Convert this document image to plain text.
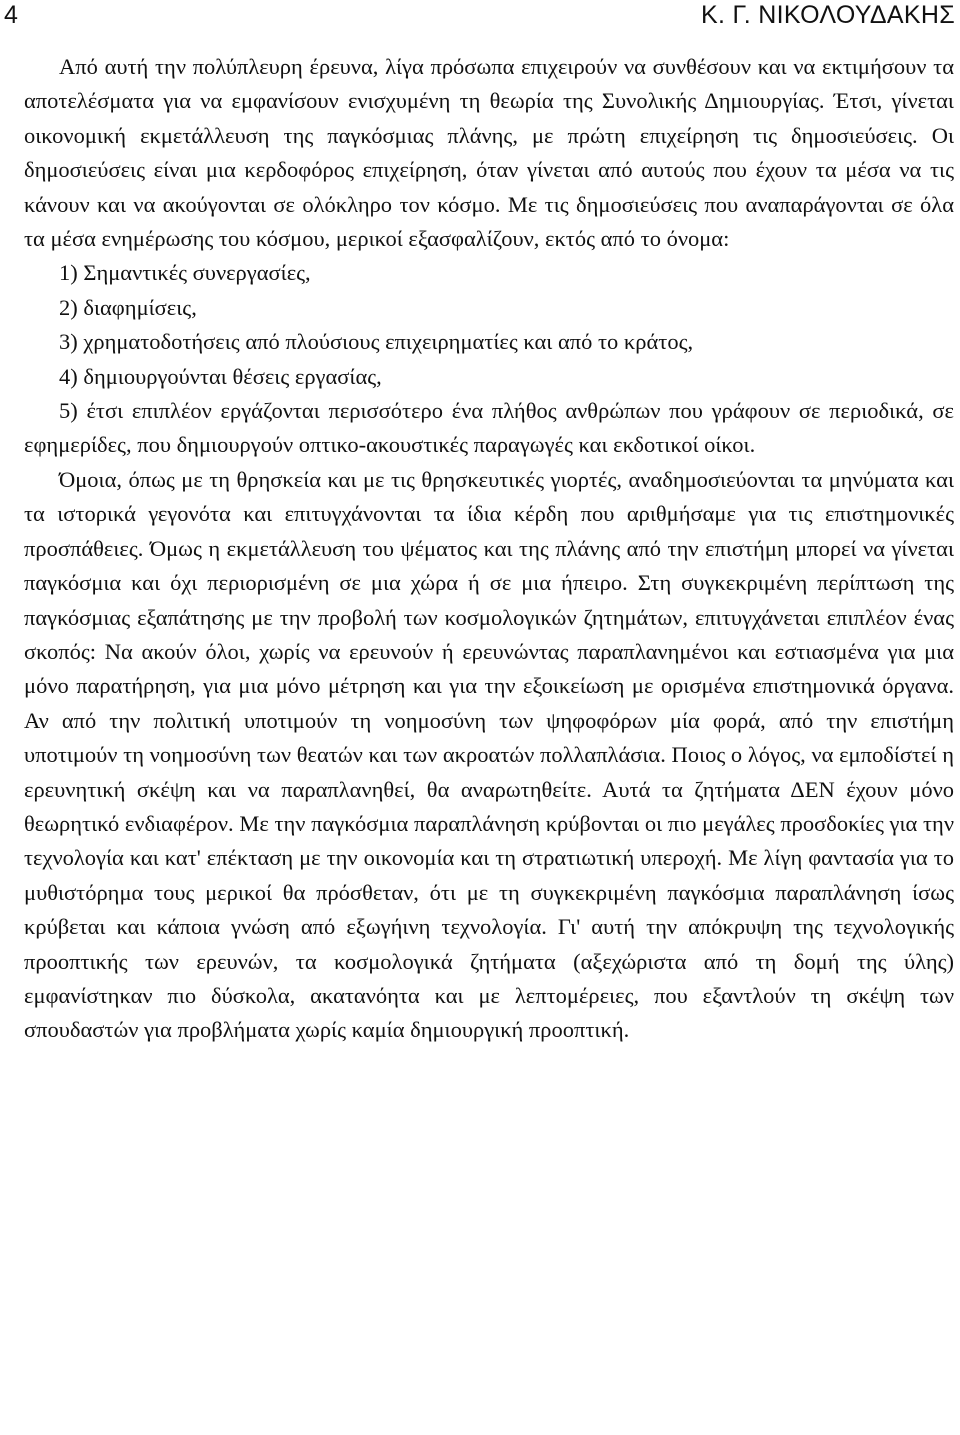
4	Κ. Γ. ΝΙΚΟΛΟΥΔΑΚΗΣ

Από αυτή την πολύπλευρη έρευνα, λίγα πρόσωπα επιχειρούν να συνθέσουν και να εκτιμήσουν τα αποτελέσματα για να εμφανίσουν ενισχυμένη τη θεωρία της Συνολικής Δημιουργίας. Έτσι, γίνεται οικονομική εκμετάλλευση της παγκόσμιας πλάνης, με πρώτη επιχείρηση τις δημοσιεύσεις. Οι δημοσιεύσεις είναι μια κερδοφόρος επιχείρηση, όταν γίνεται από αυτούς που έχουν τα μέσα να τις κάνουν και να ακούγονται σε ολόκληρο τον κόσμο. Με τις δημοσιεύσεις που αναπαράγονται σε όλα τα μέσα ενημέρωσης του κόσμου, μερικοί εξασφαλίζουν, εκτός από το όνομα:

1) Σημαντικές συνεργασίες,
2) διαφημίσεις,
3) χρηματοδοτήσεις από πλούσιους επιχειρηματίες και από το κράτος,
4) δημιουργούνται θέσεις εργασίας,
5) έτσι επιπλέον εργάζονται περισσότερο ένα πλήθος ανθρώπων που γράφουν σε περιοδικά, σε εφημερίδες, που δημιουργούν οπτικο-ακουστικές παραγωγές και εκδοτικοί οίκοι.

Όμοια, όπως με τη θρησκεία και με τις θρησκευτικές γιορτές, αναδημοσιεύονται τα μηνύματα και τα ιστορικά γεγονότα και επιτυγχάνονται τα ίδια κέρδη που αριθμήσαμε για τις επιστημονικές προσπάθειες. Όμως η εκμετάλλευση του ψέματος και της πλάνης από την επιστήμη μπορεί να γίνεται παγκόσμια και όχι περιορισμένη σε μια χώρα ή σε μια ήπειρο. Στη συγκεκριμένη περίπτωση της παγκόσμιας εξαπάτησης με την προβολή των κοσμολογικών ζητημάτων, επιτυγχάνεται επιπλέον ένας σκοπός: Να ακούν όλοι, χωρίς να ερευνούν ή ερευνώντας παραπλανημένοι και εστιασμένα για μια μόνο παρατήρηση, για μια μόνο μέτρηση και για την εξοικείωση με ορισμένα επιστημονικά όργανα. Αν από την πολιτική υποτιμούν τη νοημοσύνη των ψηφοφόρων μία φορά, από την επιστήμη υποτιμούν τη νοημοσύνη των θεατών και των ακροατών πολλαπλάσια. Ποιος ο λόγος, να εμποδίστεί η ερευνητική σκέψη και να παραπλανηθεί, θα αναρωτηθείτε. Αυτά τα ζητήματα ΔΕΝ έχουν μόνο θεωρητικό ενδιαφέρον. Με την παγκόσμια παραπλάνηση κρύβονται οι πιο μεγάλες προσδοκίες για την τεχνολογία και κατ' επέκταση με την οικονομία και τη στρατιωτική υπεροχή. Με λίγη φαντασία για το μυθιστόρημα τους μερικοί θα πρόσθεταν, ότι με τη συγκεκριμένη παγκόσμια παραπλάνηση ίσως κρύβεται και κάποια γνώση από εξωγήινη τεχνολογία. Γι' αυτή την απόκρυψη της τεχνολογικής προοπτικής των ερευνών, τα κοσμολογικά ζητήματα (αξεχώριστα από τη δομή της ύλης) εμφανίστηκαν πιο δύσκολα, ακατανόητα και με λεπτομέρειες, που εξαντλούν τη σκέψη των σπουδαστών για προβλήματα χωρίς καμία δημιουργική προοπτική.
